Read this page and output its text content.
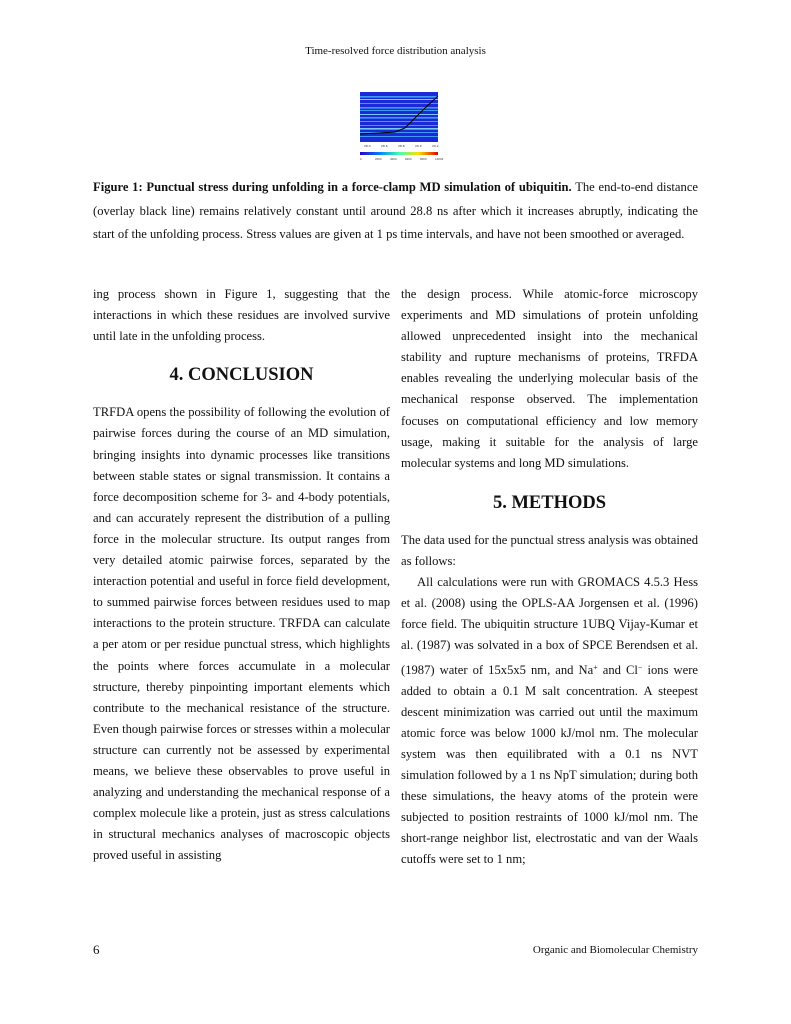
Time-resolved force distribution analysis
28.4	28.6	28.8	29.0	29.2
0	2000	4000	6000	8000	10000
Figure 1: Punctual stress during unfolding in a force-clamp MD simulation of ubiquitin. The end-to-end distance (overlay black line) remains relatively constant until around 28.8 ns after which it increases abruptly, indicating the start of the unfolding process. Stress values are given at 1 ps time intervals, and have not been smoothed or averaged.

ing process shown in Figure 1, suggesting that the interactions in which these residues are involved survive until late in the unfolding process.

4. CONCLUSION

TRFDA opens the possibility of following the evolution of pairwise forces during the course of an MD simulation, bringing insights into dynamic processes like transitions between stable states or signal transmission. It contains a force decomposition scheme for 3- and 4-body potentials, and can accurately represent the distribution of a pulling force in the molecular structure. Its output ranges from very detailed atomic pairwise forces, separated by the interaction potential and useful in force field development, to summed pairwise forces between residues used to map interactions to the protein structure. TRFDA can calculate a per atom or per residue punctual stress, which highlights the points where forces accumulate in a molecular structure, thereby pinpointing important elements which contribute to the mechanical resistance of the structure. Even though pairwise forces or stresses within a molecular structure can currently not be assessed by experimental means, we believe these observables to prove useful in analyzing and understanding the mechanical response of a complex molecule like a protein, just as stress calculations in structural mechanics analyses of macroscopic objects proved useful in assisting

the design process. While atomic-force microscopy experiments and MD simulations of protein unfolding allowed unprecedented insight into the mechanical stability and rupture mechanisms of proteins, TRFDA enables revealing the underlying molecular basis of the mechanical response observed. The implementation focuses on computational efficiency and low memory usage, making it suitable for the analysis of large molecular systems and long MD simulations.

5. METHODS

The data used for the punctual stress analysis was obtained as follows:

All calculations were run with GROMACS 4.5.3 Hess et al. (2008) using the OPLS-AA Jorgensen et al. (1996) force field. The ubiquitin structure 1UBQ Vijay-Kumar et al. (1987) was solvated in a box of SPCE Berendsen et al. (1987) water of 15x5x5 nm, and Na+ and Cl− ions were added to obtain a 0.1 M salt concentration. A steepest descent minimization was carried out until the maximum atomic force was below 1000 kJ/mol nm. The molecular system was then equilibrated with a 0.1 ns NVT simulation followed by a 1 ns NpT simulation; during both these simulations, the heavy atoms of the protein were subjected to position restraints of 1000 kJ/mol nm. The short-range neighbor list, electrostatic and van der Waals cutoffs were set to 1 nm;

6	Organic and Biomolecular Chemistry
